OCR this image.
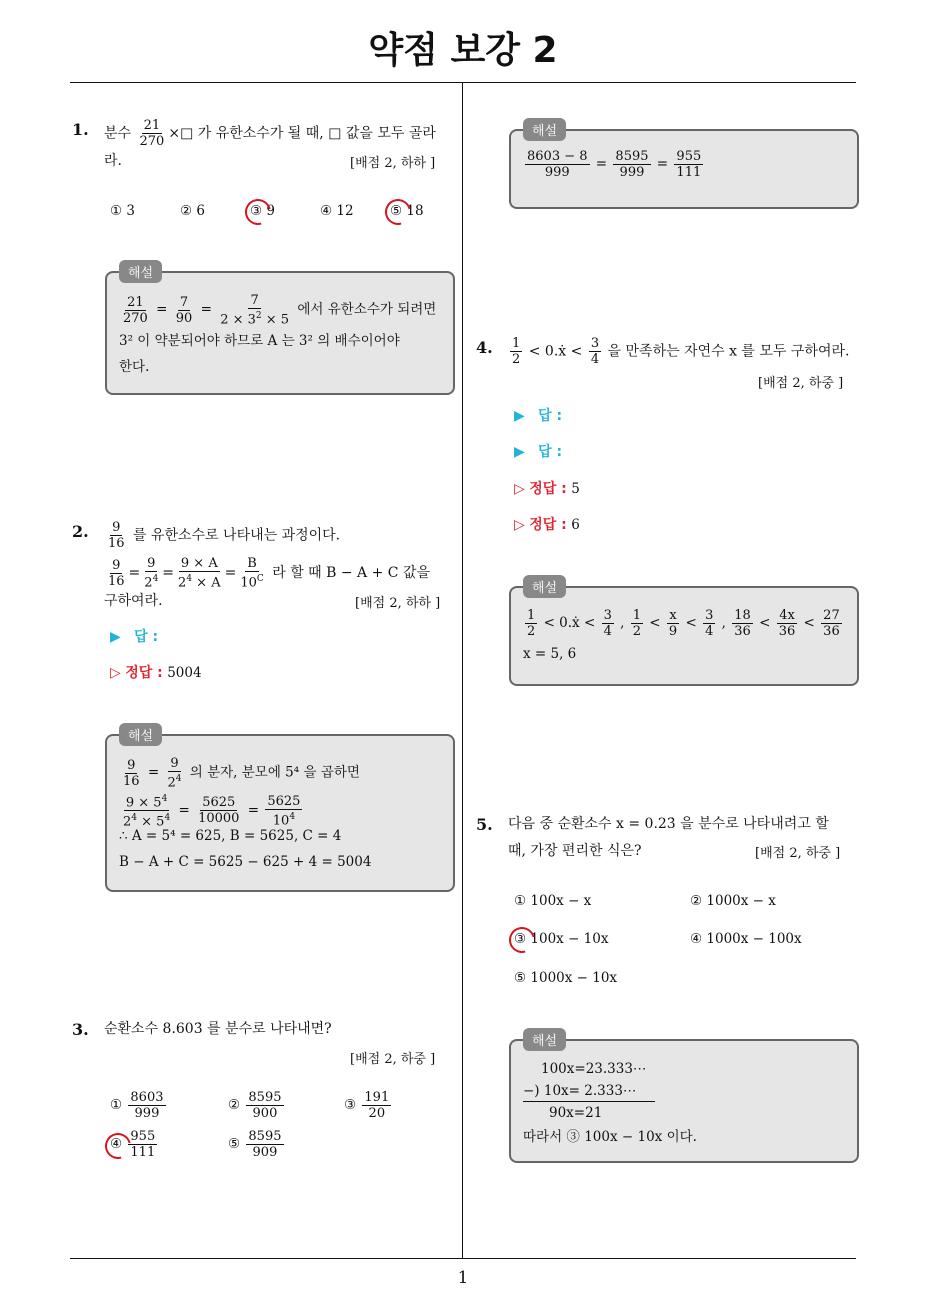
약점 보강 2
1
1. 분수 $\frac{21}{270}$ ×□ 가 유한소수가 될 때, □ 값을 모두 골라
라.	[배점 2, 하하 ]
① 3	② 6	③ 9	④ 12	⑤ 18
해설
$\frac{21}{270} = \frac{7}{90} = \frac{7}{2 \times 3^2 \times 5}$ 에서 유한소수가 되려면
3² 이 약분되어야 하므로 A 는 3² 의 배수이어야
한다.
2. $\frac{9}{16}$ 를 유한소수로 나타내는 과정이다.
$\frac{9}{16} = \frac{9}{2^4} = \frac{9 \times A}{2^4 \times A} = \frac{B}{10^C}$ 라 할 때 B − A + C 값을
구하여라.	[배점 2, 하하 ]
▶ 답 :
▷ 정답 : 5004
해설
$\frac{9}{16} = \frac{9}{2^4}$ 의 분자, 분모에 5⁴ 을 곱하면
$\frac{9 \times 5^4}{2^4 \times 5^4} = \frac{5625}{10000} = \frac{5625}{10^4}$
∴ A = 5⁴ = 625, B = 5625, C = 4
B − A + C = 5625 − 625 + 4 = 5004
3. 순환소수 8.603̇ 를 분수로 나타내면?
[배점 2, 하중 ]
① $\frac{8603}{999}$	② $\frac{8595}{900}$	③ $\frac{191}{20}$
④ $\frac{955}{111}$	⑤ $\frac{8595}{909}$
해설
$\frac{8603 - 8}{999} = \frac{8595}{999} = \frac{955}{111}$
4. $\frac{1}{2}$ < 0.ẋ < $\frac{3}{4}$ 을 만족하는 자연수 x 를 모두 구하여라.
[배점 2, 하중 ]
▶ 답 :
▶ 답 :
▷ 정답 : 5
▷ 정답 : 6
해설
$\frac{1}{2}$ < 0.ẋ < $\frac{3}{4}$ , $\frac{1}{2} < \frac{x}{9} < \frac{3}{4}$ , $\frac{18}{36} < \frac{4x}{36} < \frac{27}{36}$
x = 5, 6
5. 다음 중 순환소수 x = 0.23̇ 을 분수로 나타내려고 할
때, 가장 편리한 식은?	[배점 2, 하중 ]
① 100x − x	② 1000x − x
③ 100x − 10x	④ 1000x − 100x
⑤ 1000x − 10x
해설
100x=23.333⋯
−) 10x= 2.333⋯
90x=21
따라서 ③ 100x − 10x 이다.
